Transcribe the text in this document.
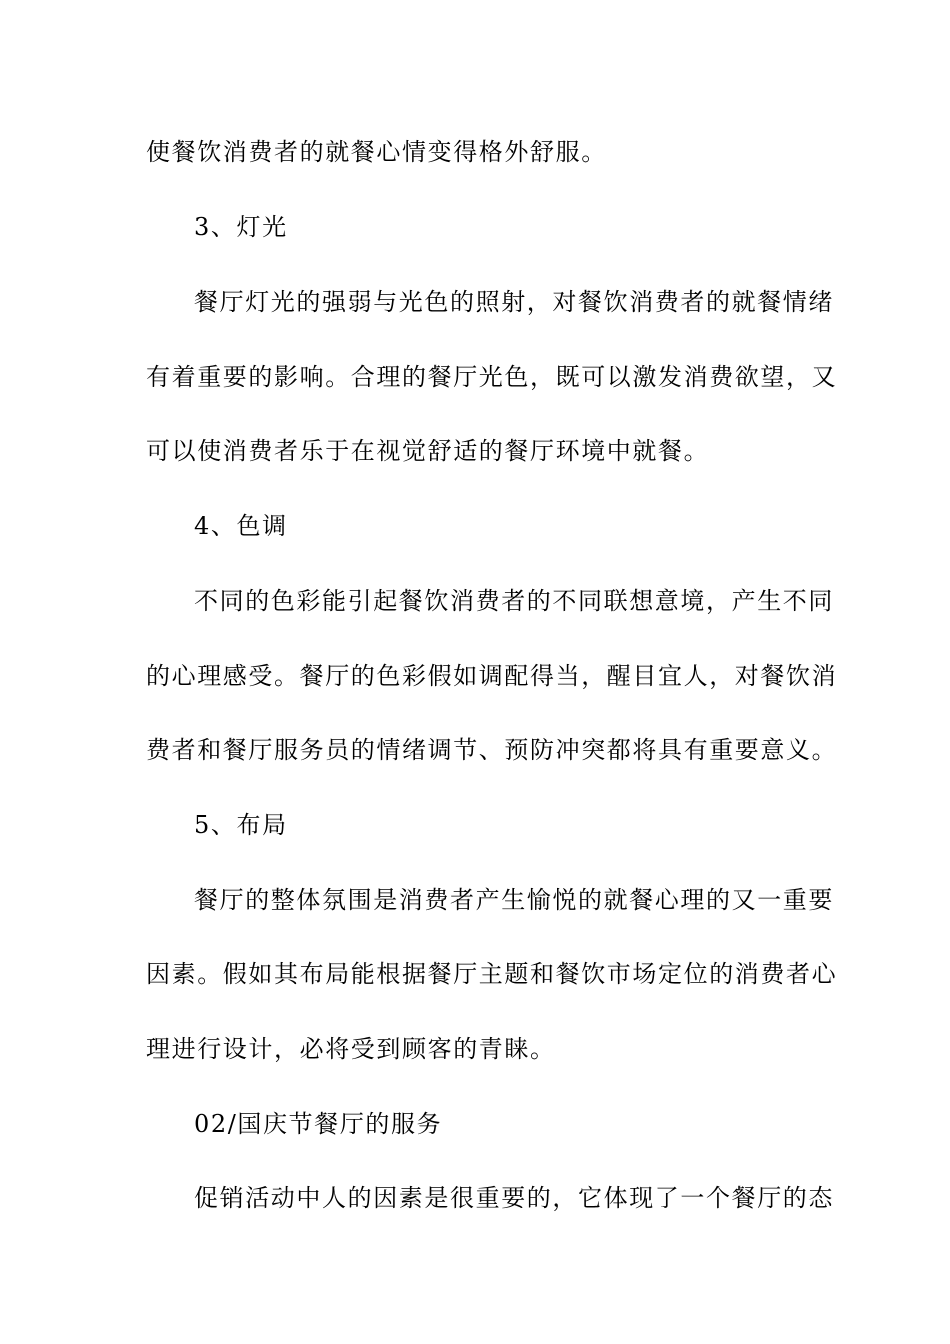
使餐饮消费者的就餐心情变得格外舒服。
3、灯光
餐厅灯光的强弱与光色的照射，对餐饮消费者的就餐情绪
有着重要的影响。合理的餐厅光色，既可以激发消费欲望，又
可以使消费者乐于在视觉舒适的餐厅环境中就餐。
4、色调
不同的色彩能引起餐饮消费者的不同联想意境，产生不同
的心理感受。餐厅的色彩假如调配得当，醒目宜人，对餐饮消
费者和餐厅服务员的情绪调节、预防冲突都将具有重要意义。
5、布局
餐厅的整体氛围是消费者产生愉悦的就餐心理的又一重要
因素。假如其布局能根据餐厅主题和餐饮市场定位的消费者心
理进行设计，必将受到顾客的青睐。
02/国庆节餐厅的服务
促销活动中人的因素是很重要的，它体现了一个餐厅的态
